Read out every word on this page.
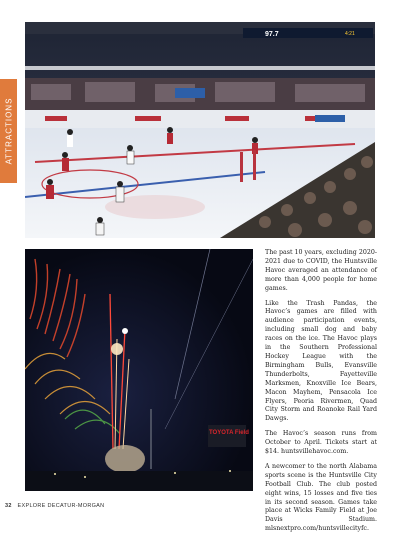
ATTRACTIONS
97.7	4:21
TOYOTA Field

The past 10 years, excluding 2020-2021 due to COVID, the Huntsville Havoc averaged an attendance of more than 4,000 people for home games.

Like the Trash Pandas, the Havoc’s games are filled with audience participation events, including small dog and baby races on the ice. The Havoc plays in the Southern Professional Hockey League with the Birmingham Bulls, Evansville Thunderbolts, Fayetteville Marksmen, Knoxville Ice Bears, Macon Mayhem, Pensacola Ice Flyers, Peoria Rivermen, Quad City Storm and Roanoke Rail Yard Dawgs.

The Havoc’s season runs from October to April. Tickets start at $14. huntsvillehavoc.com.

A newcomer to the north Alabama sports scene is the Huntsville City Football Club. The club posted eight wins, 15 losses and five ties in its second season. Games take place at Wicks Family Field at Joe Davis Stadium. mlsnextpro.com/huntsvillecityfc.

32 EXPLORE DECATUR-MORGAN
